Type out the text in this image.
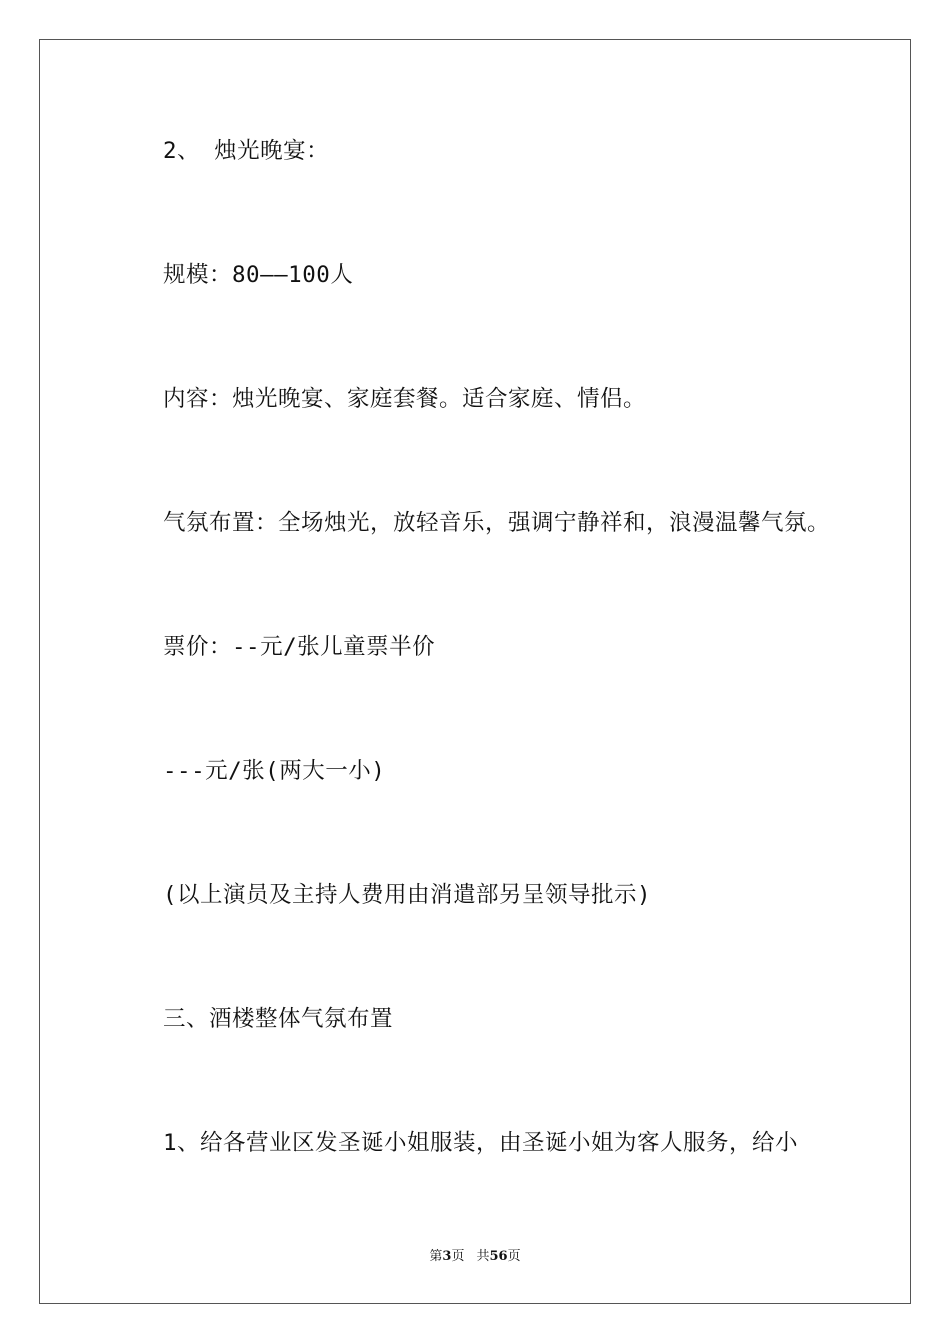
2、 烛光晚宴：
规模：80——100人
内容：烛光晚宴、家庭套餐。适合家庭、情侣。
气氛布置：全场烛光，放轻音乐，强调宁静祥和，浪漫温馨气氛。
票价：--元/张儿童票半价
---元/张(两大一小)
(以上演员及主持人费用由消遣部另呈领导批示)
三、酒楼整体气氛布置
1、给各营业区发圣诞小姐服装，由圣诞小姐为客人服务，给小
第3页 共56页
